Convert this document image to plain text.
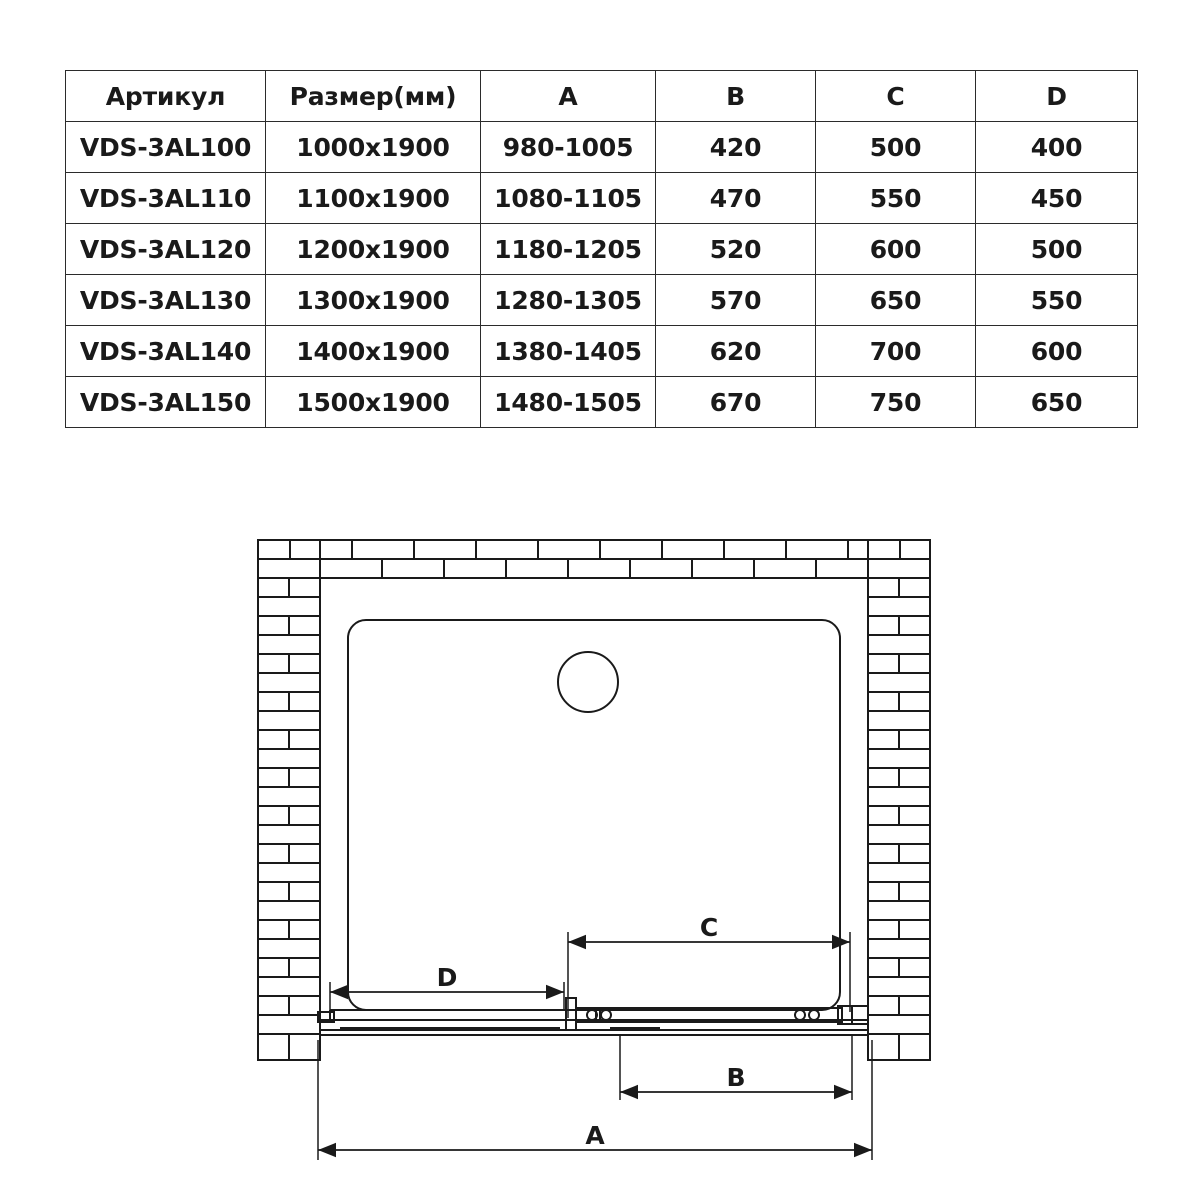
Артикул	Размер(мм)	A	B	C	D
VDS-3AL100	1000x1900	980-1005	420	500	400
VDS-3AL110	1100x1900	1080-1105	470	550	450
VDS-3AL120	1200x1900	1180-1205	520	600	500
VDS-3AL130	1300x1900	1280-1305	570	650	550
VDS-3AL140	1400x1900	1380-1405	620	700	600
VDS-3AL150	1500x1900	1480-1505	670	750	650
C
D
B
A
